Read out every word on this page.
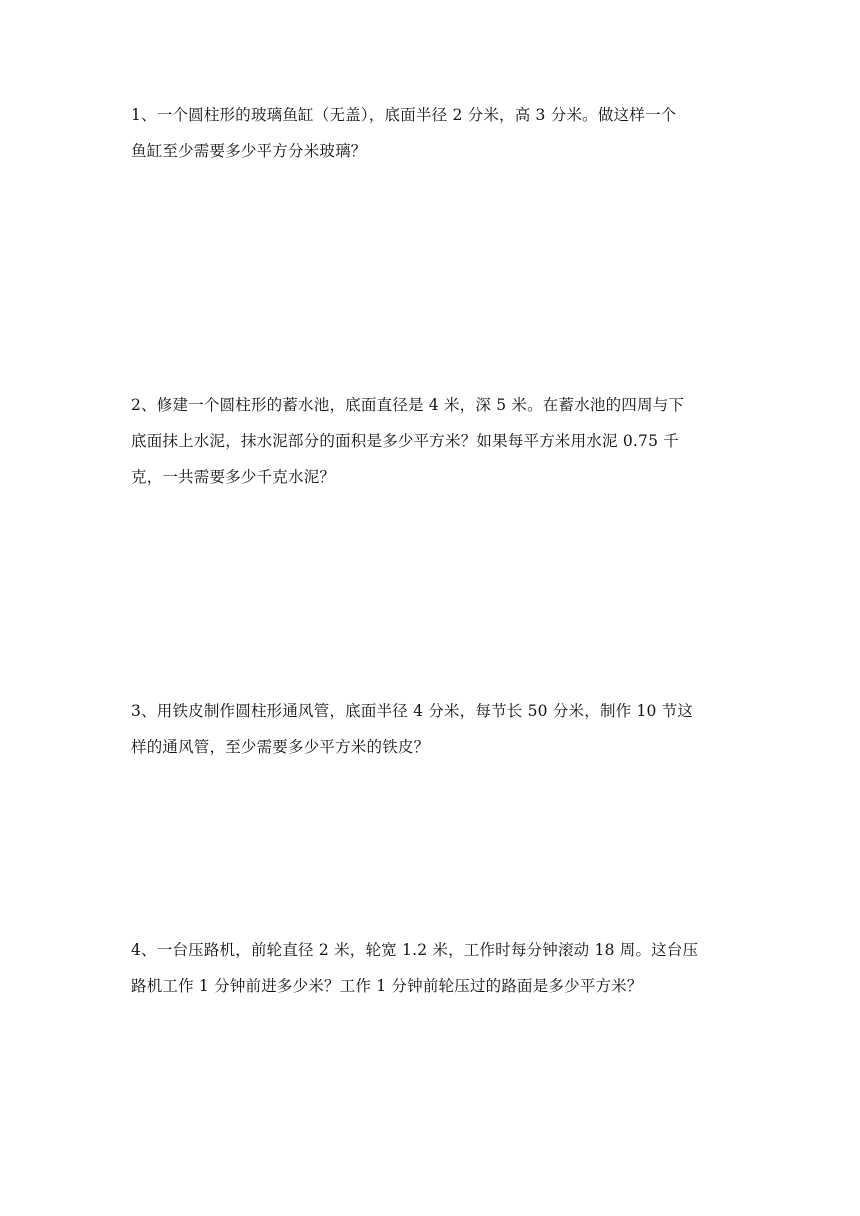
1、一个圆柱形的玻璃鱼缸（无盖），底面半径 2 分米，高 3 分米。做这样一个
鱼缸至少需要多少平方分米玻璃？
2、修建一个圆柱形的蓄水池，底面直径是 4 米，深 5 米。在蓄水池的四周与下
底面抹上水泥，抹水泥部分的面积是多少平方米？如果每平方米用水泥 0.75 千
克，一共需要多少千克水泥？
3、用铁皮制作圆柱形通风管，底面半径 4 分米，每节长 50 分米，制作 10 节这
样的通风管，至少需要多少平方米的铁皮？
4、一台压路机，前轮直径 2 米，轮宽 1.2 米，工作时每分钟滚动 18 周。这台压
路机工作 1 分钟前进多少米？工作 1 分钟前轮压过的路面是多少平方米？
